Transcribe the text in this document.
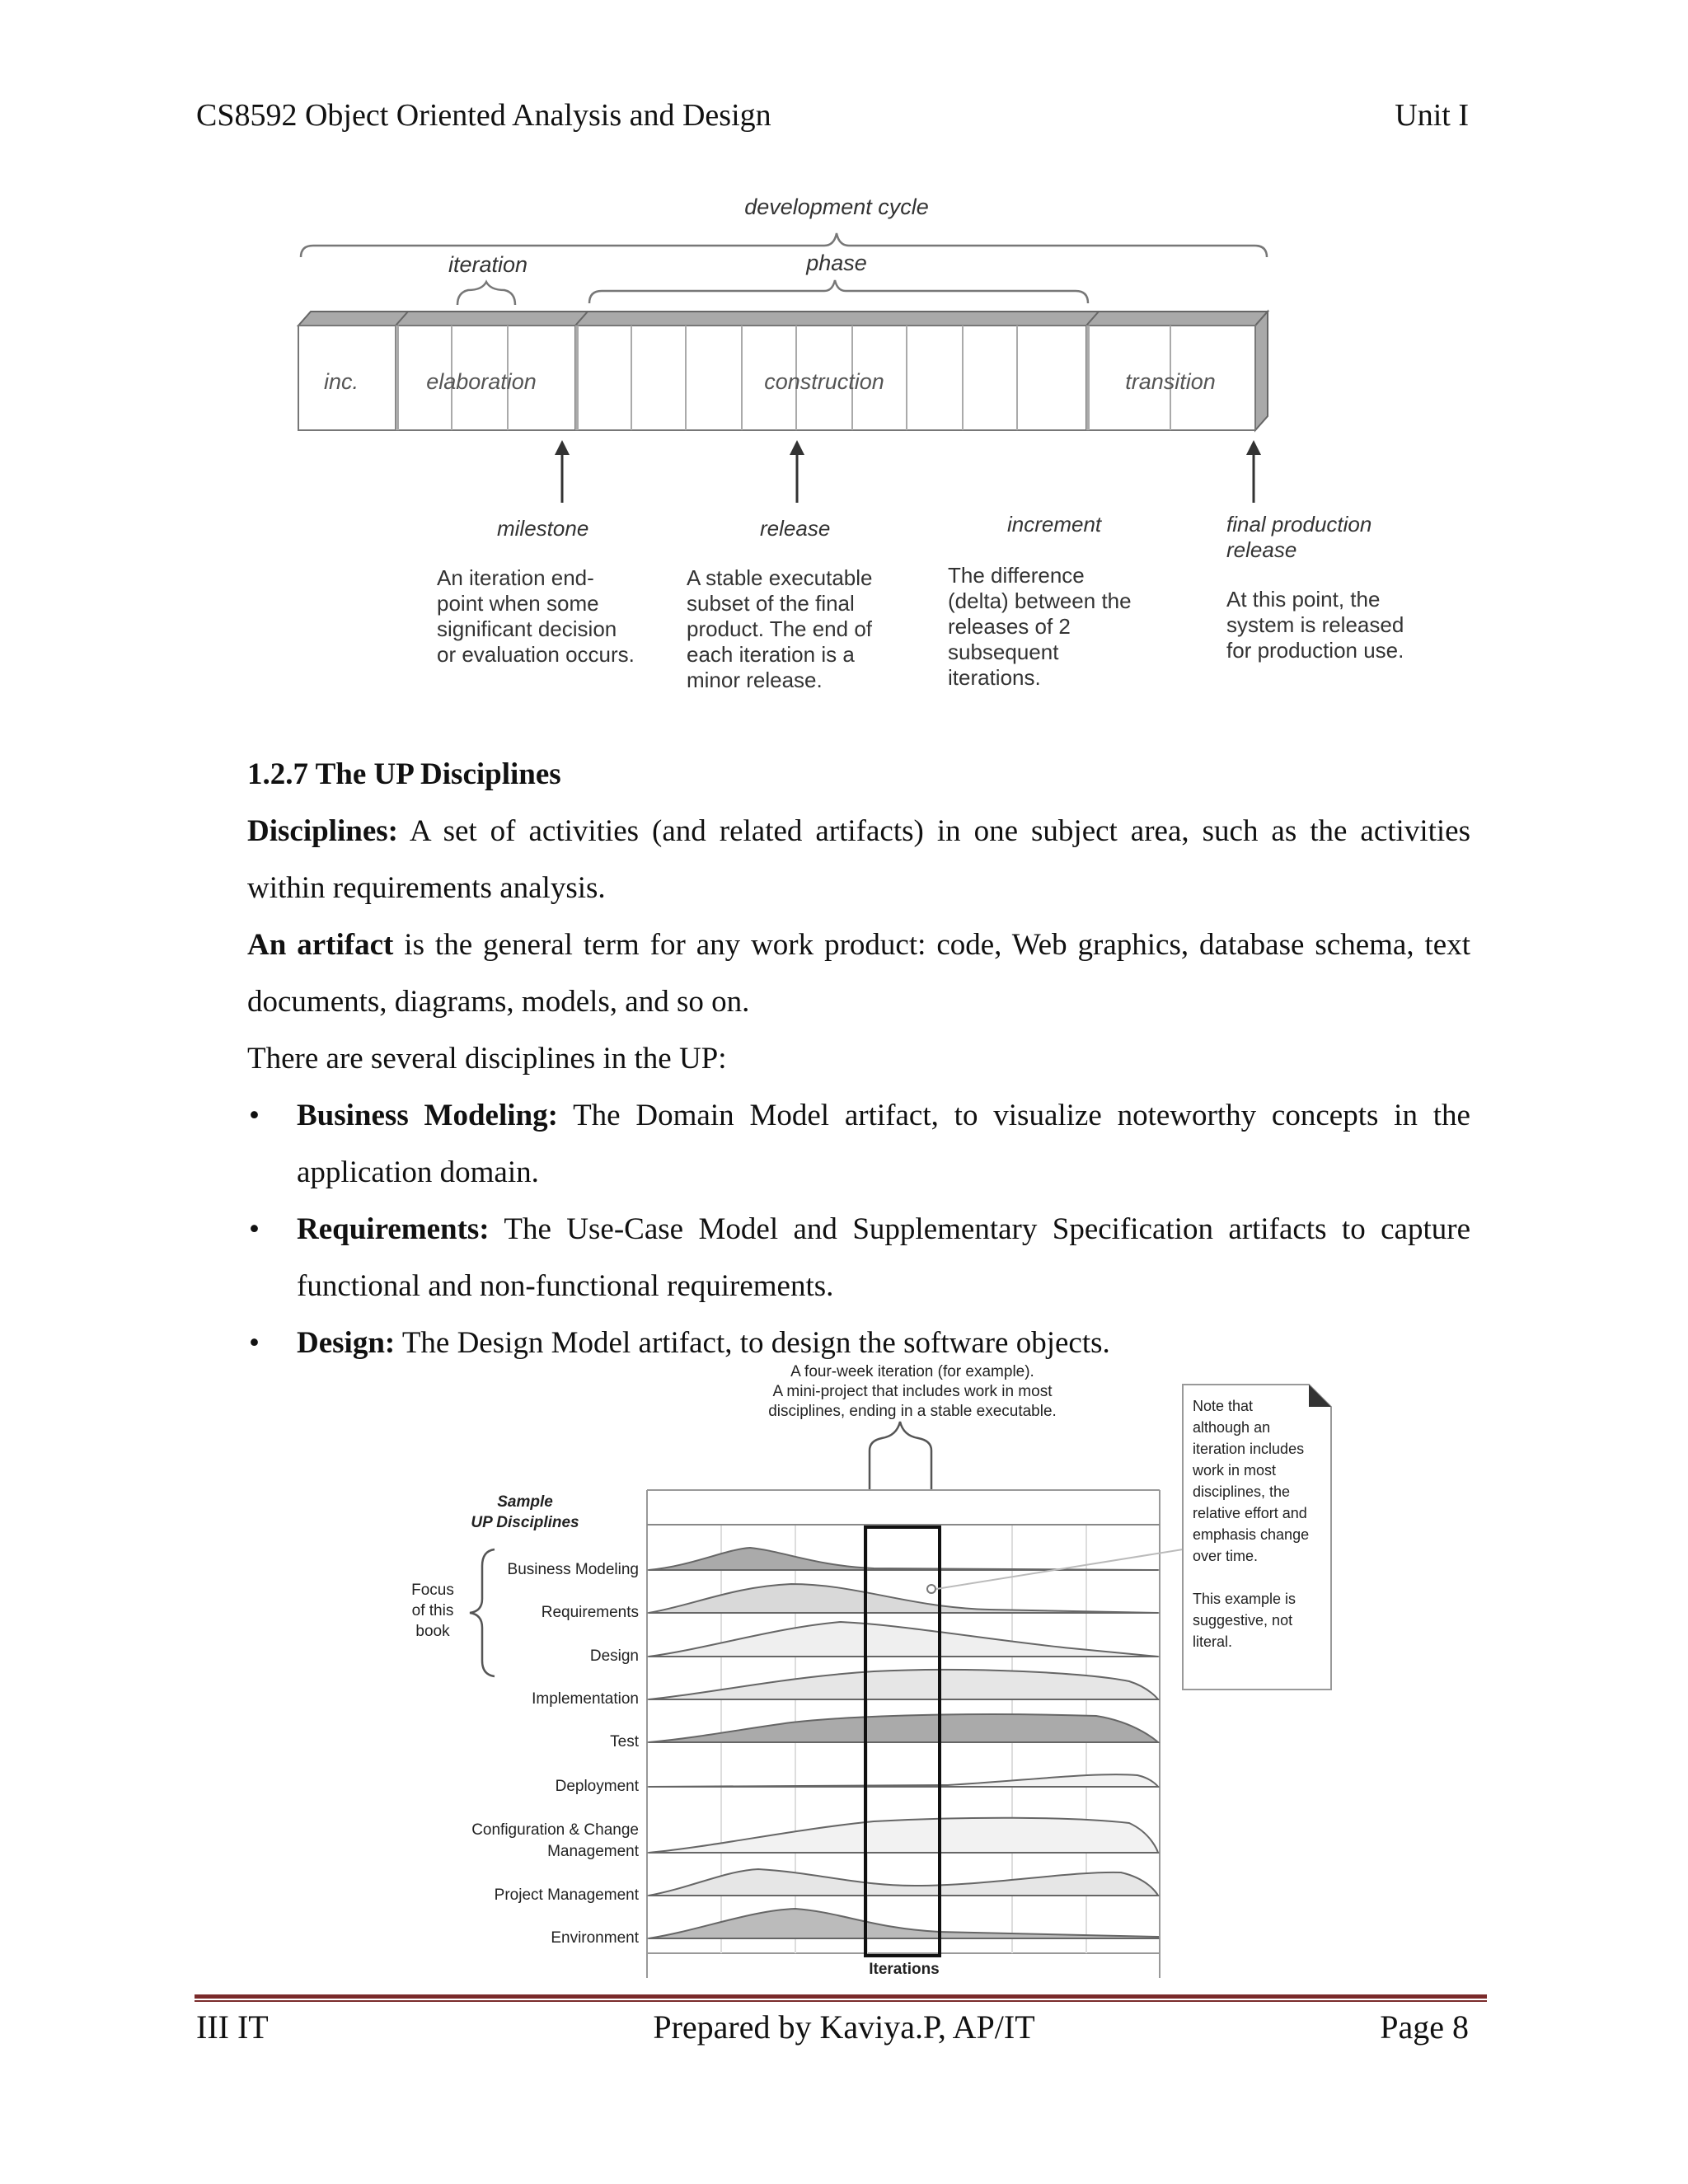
CS8592 Object Oriented Analysis and Design	Unit I
development cycle
iteration	phase
inc.	elaboration	construction	transition
milestone	release	increment	final production
release
An iteration end-
point when some
significant decision
or evaluation occurs.
A stable executable
subset of the final
product. The end of
each iteration is a
minor release.
The difference
(delta) between the
releases of 2
subsequent
iterations.
At this point, the
system is released
for production use.

1.2.7 The UP Disciplines

Disciplines: A set of activities (and related artifacts) in one subject area, such as the activities within requirements analysis.

An artifact is the general term for any work product: code, Web graphics, database schema, text documents, diagrams, models, and so on.

There are several disciplines in the UP:

• Business Modeling: The Domain Model artifact, to visualize noteworthy concepts in the application domain.
• Requirements: The Use-Case Model and Supplementary Specification artifacts to capture functional and non-functional requirements.
• Design: The Design Model artifact, to design the software objects.
A four-week iteration (for example).
A mini-project that includes work in most
disciplines, ending in a stable executable.
Sample
UP Disciplines
Business Modeling
Requirements
Design
Implementation
Test
Deployment
Configuration & Change
Management
Project Management
Environment
Focus
of this
book
Iterations
Note that
although an
iteration includes
work in most
disciplines, the
relative effort and
emphasis change
over time.
This example is
suggestive, not
literal.
III IT	Prepared by Kaviya.P, AP/IT	Page 8
